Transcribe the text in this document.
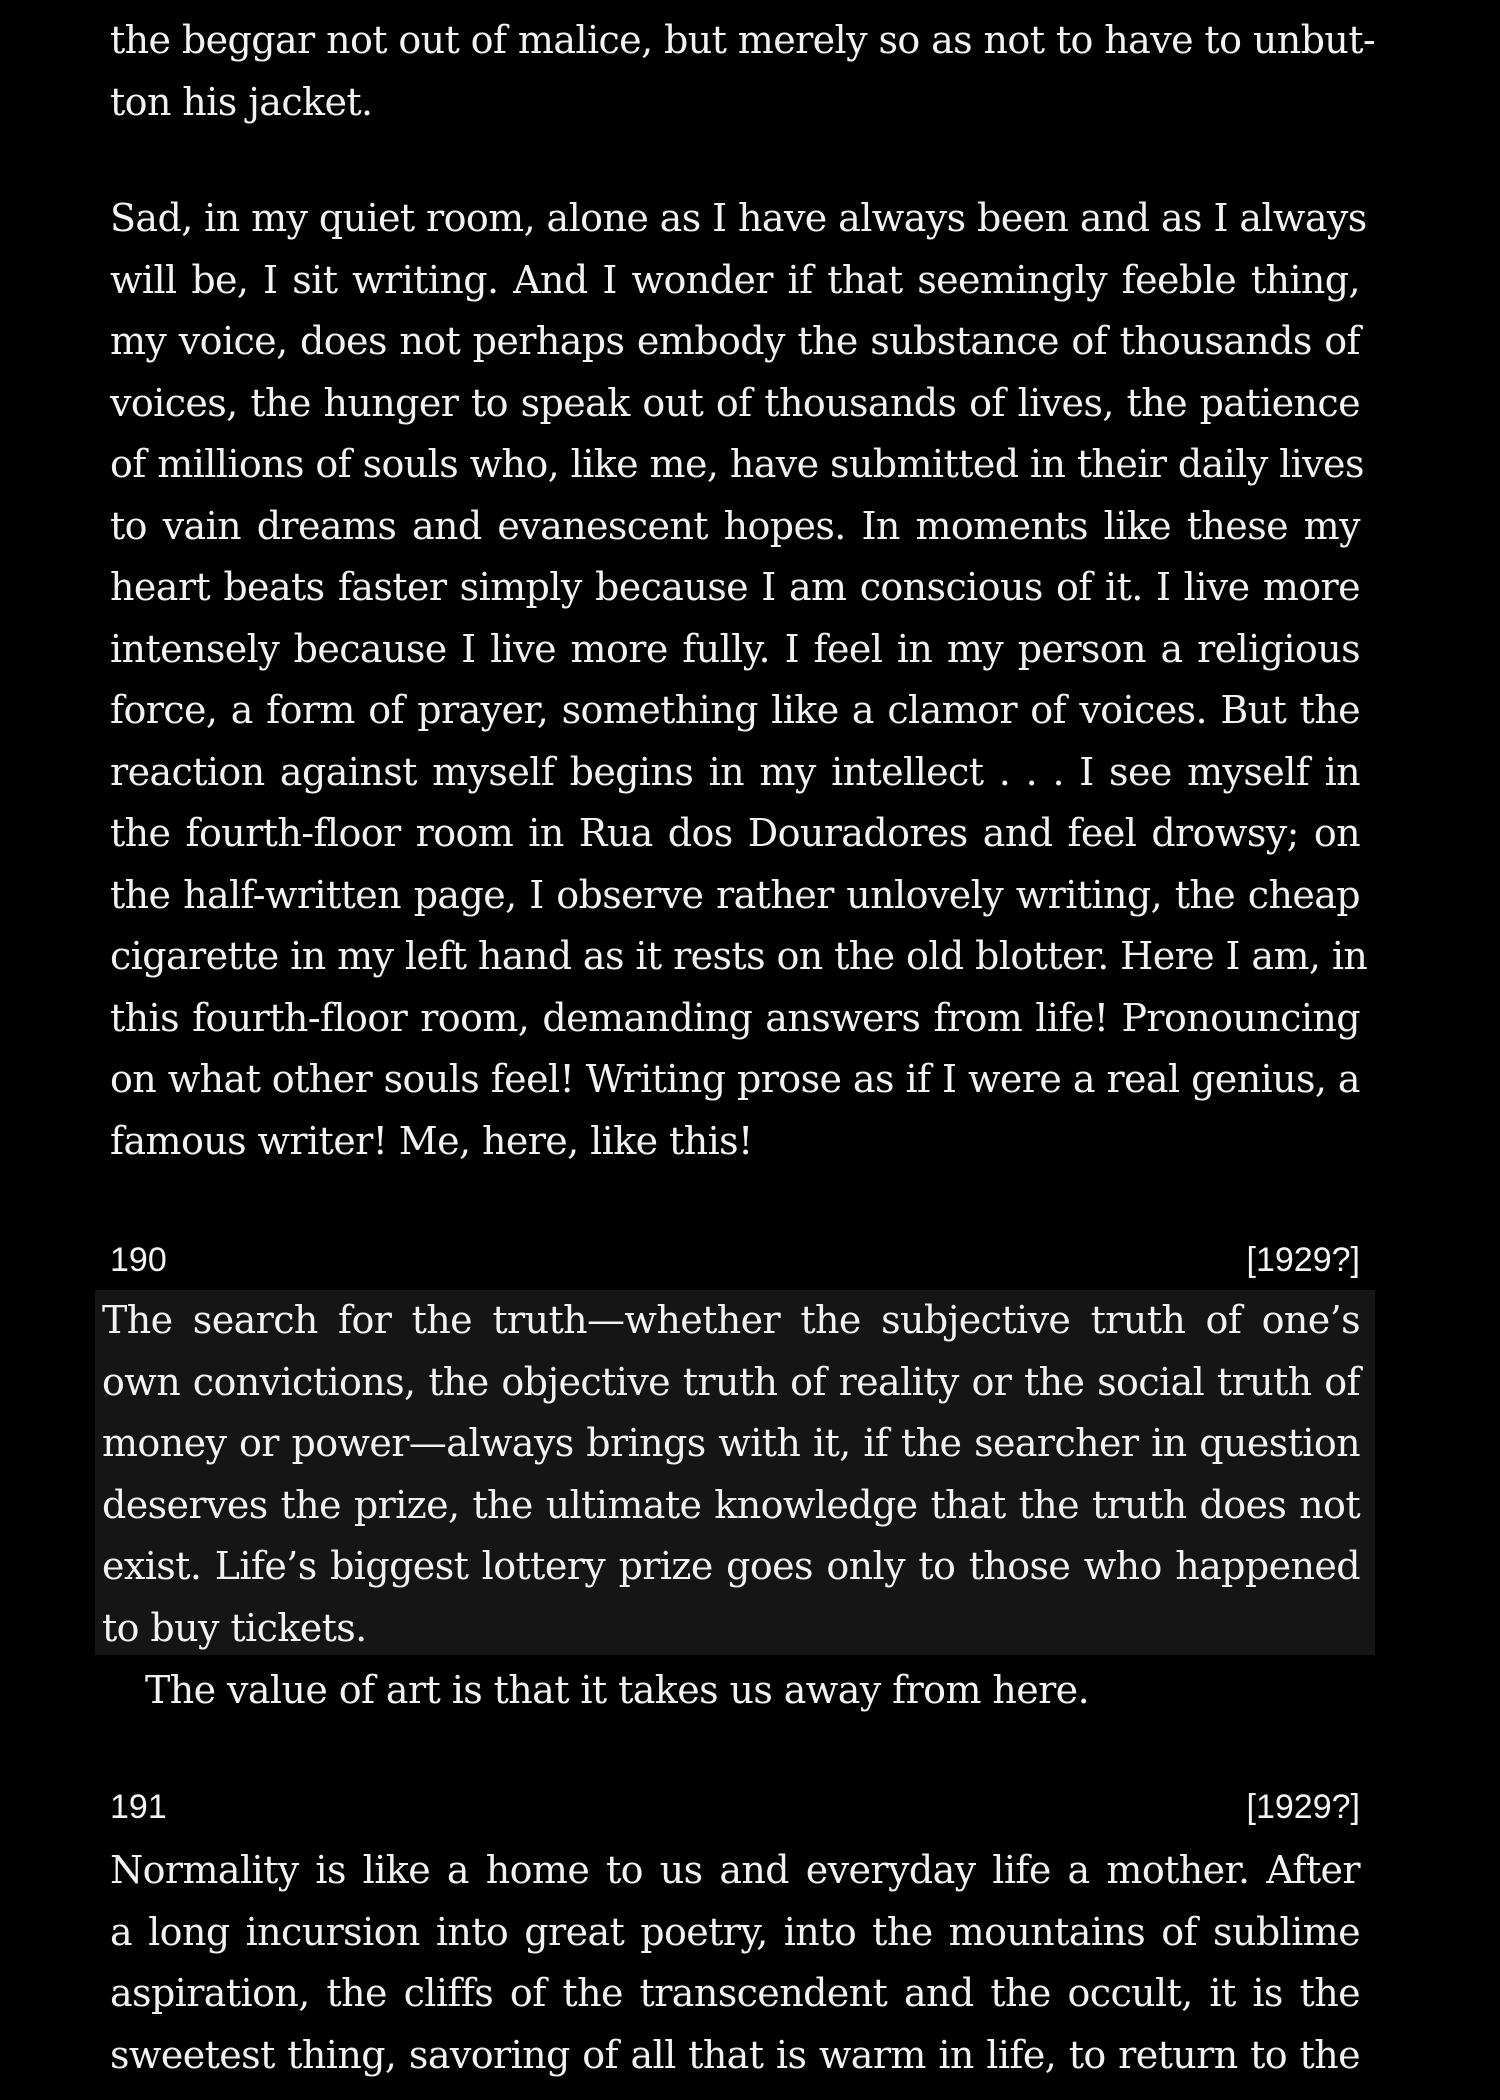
the beggar not out of malice, but merely so as not to have to unbut-
ton his jacket.
Sad, in my quiet room, alone as I have always been and as I always
will be, I sit writing. And I wonder if that seemingly feeble thing,
my voice, does not perhaps embody the substance of thousands of
voices, the hunger to speak out of thousands of lives, the patience
of millions of souls who, like me, have submitted in their daily lives
to vain dreams and evanescent hopes. In moments like these my
heart beats faster simply because I am conscious of it. I live more
intensely because I live more fully. I feel in my person a religious
force, a form of prayer, something like a clamor of voices. But the
reaction against myself begins in my intellect . . . I see myself in
the fourth-floor room in Rua dos Douradores and feel drowsy; on
the half-written page, I observe rather unlovely writing, the cheap
cigarette in my left hand as it rests on the old blotter. Here I am, in
this fourth-floor room, demanding answers from life! Pronouncing
on what other souls feel! Writing prose as if I were a real genius, a
famous writer! Me, here, like this!
190	[1929?]
The search for the truth—whether the subjective truth of one’s
own convictions, the objective truth of reality or the social truth of
money or power—always brings with it, if the searcher in question
deserves the prize, the ultimate knowledge that the truth does not
exist. Life’s biggest lottery prize goes only to those who happened
to buy tickets.
The value of art is that it takes us away from here.
191	[1929?]
Normality is like a home to us and everyday life a mother. After
a long incursion into great poetry, into the mountains of sublime
aspiration, the cliffs of the transcendent and the occult, it is the
sweetest thing, savoring of all that is warm in life, to return to the
